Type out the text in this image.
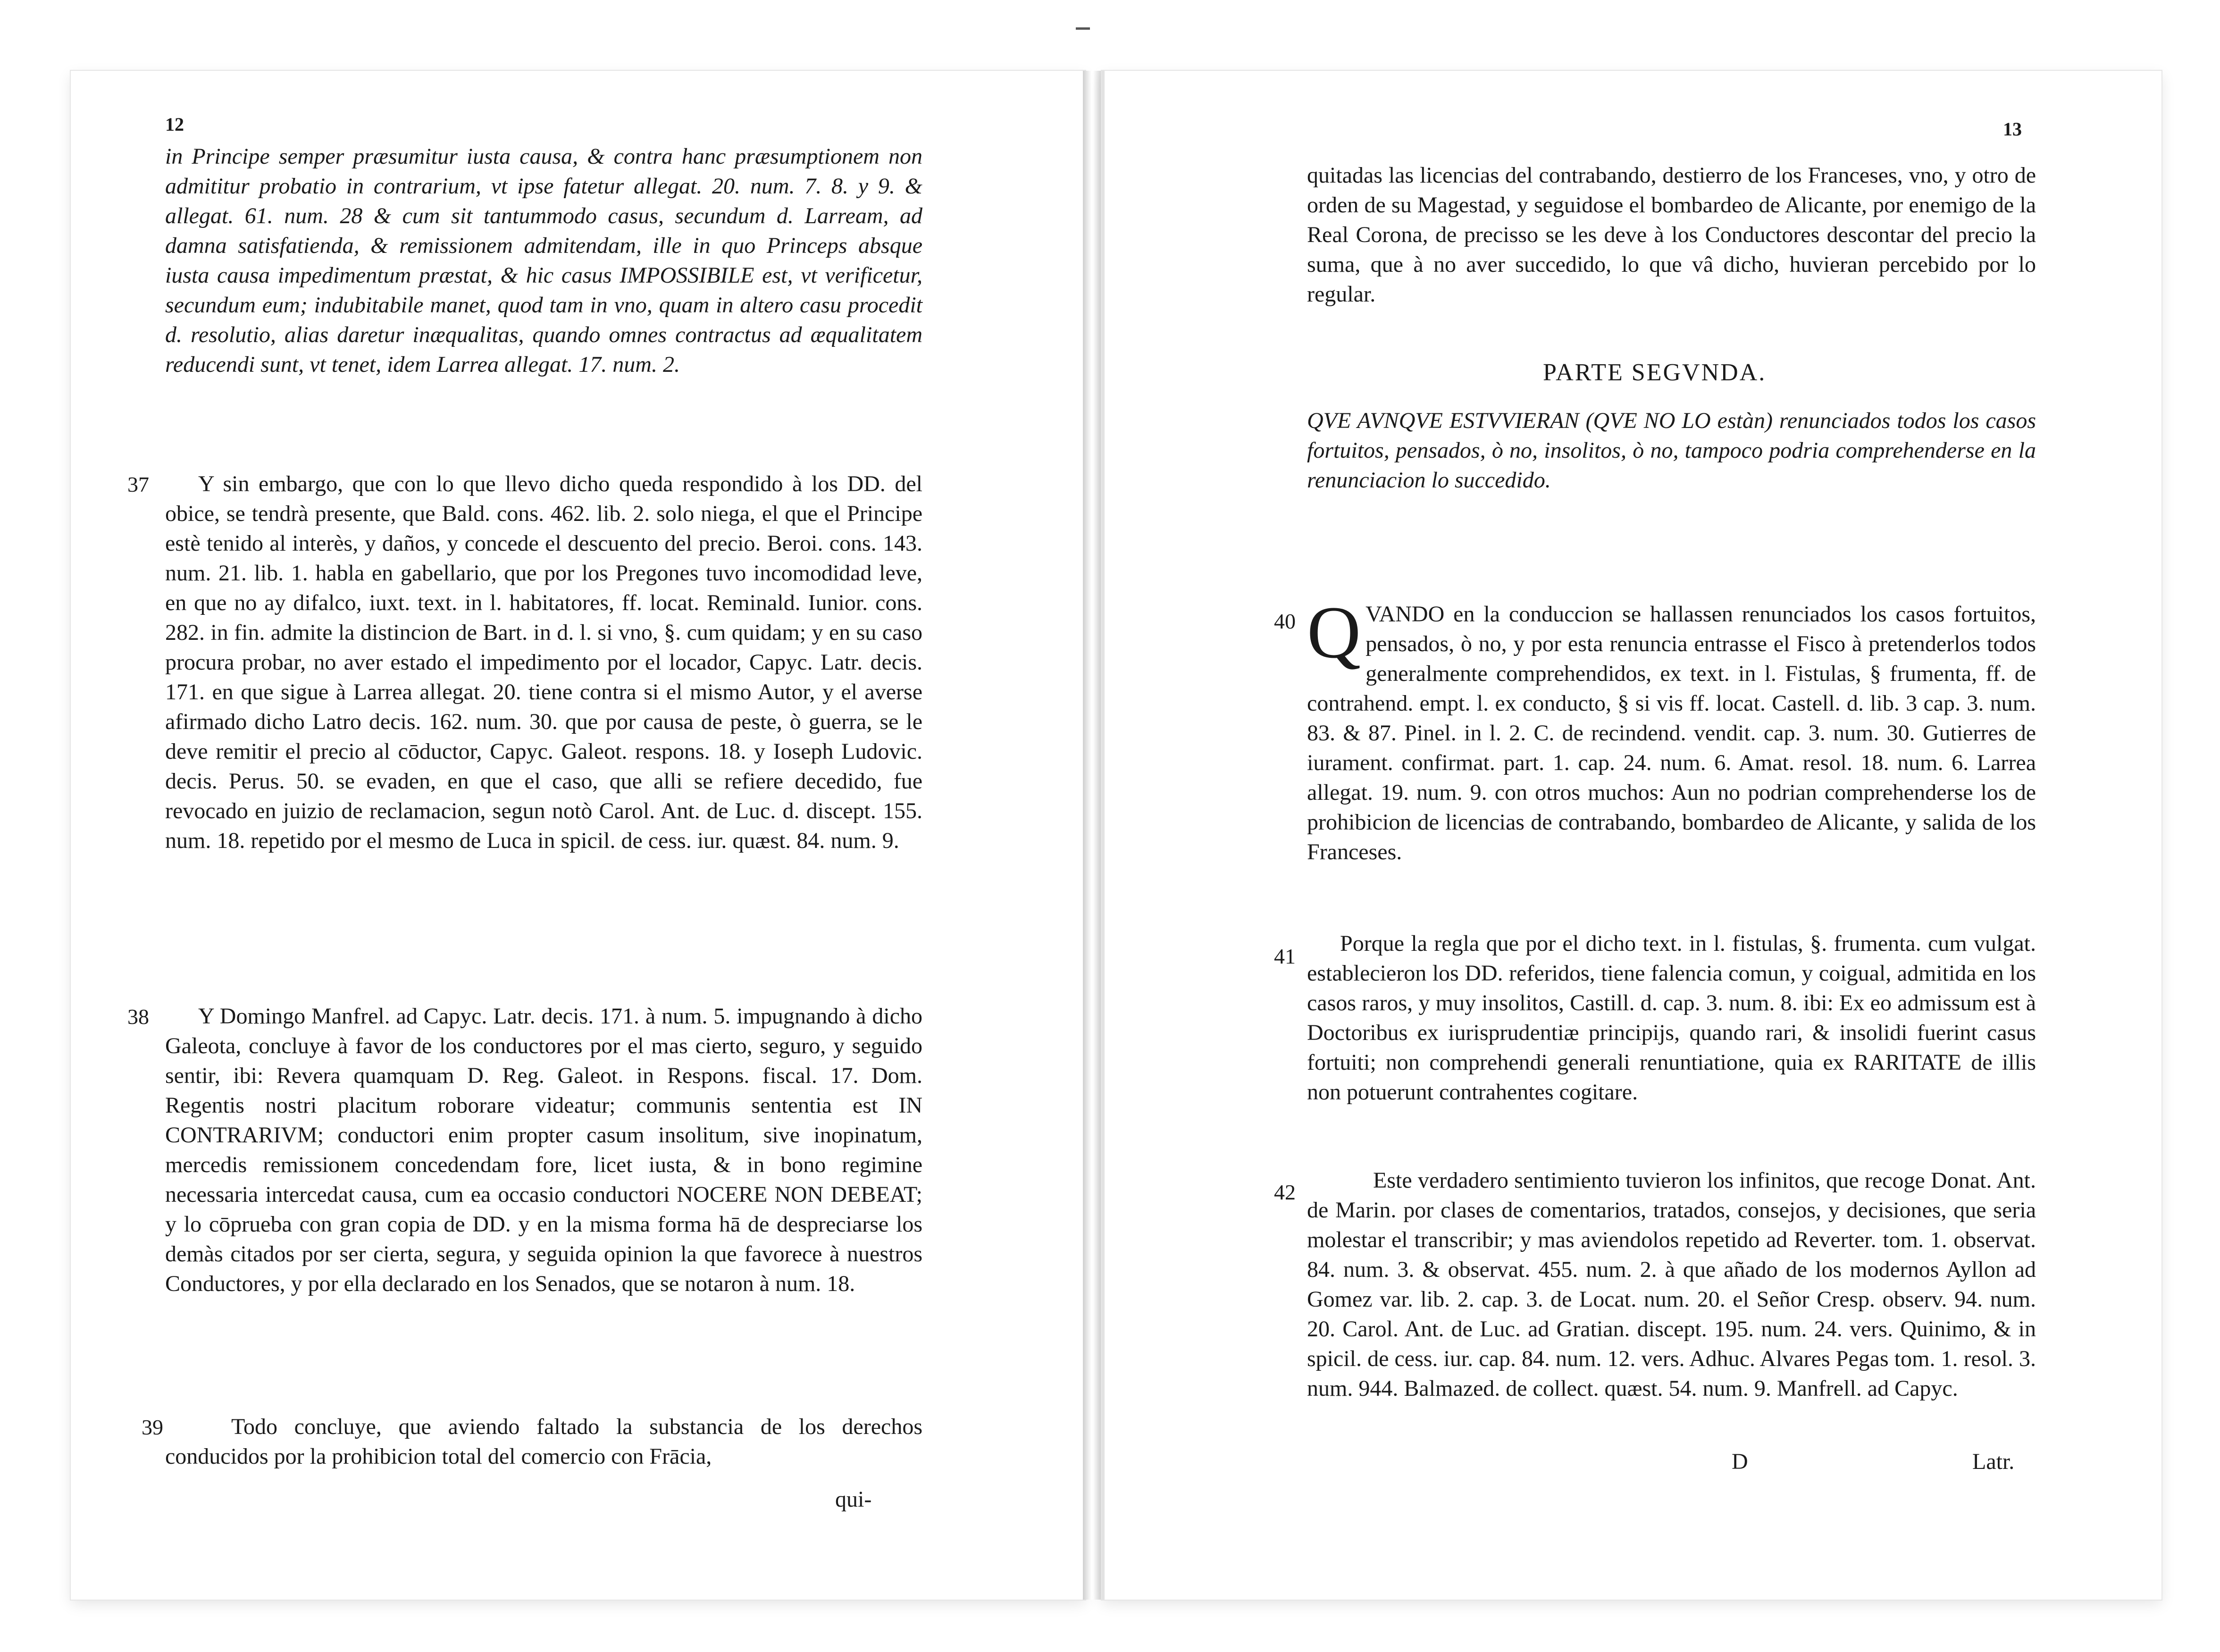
12

in Principe semper præsumitur iusta causa, & contra hanc præsumptionem non admititur probatio in contrarium, vt ipse fatetur allegat. 20. num. 7. 8. y 9. & allegat. 61. num. 28 & cum sit tantummodo casus, secundum d. Larream, ad damna satisfatienda, & remissionem admitendam, ille in quo Princeps absque iusta causa impedimentum præstat, & hic casus IMPOSSIBILE est, vt verificetur, secundum eum; indubitabile manet, quod tam in vno, quam in altero casu procedit d. resolutio, alias daretur inæqualitas, quando omnes contractus ad æqualitatem reducendi sunt, vt tenet, idem Larrea allegat. 17. num. 2.

37	Y sin embargo, que con lo que llevo dicho queda respondido à los DD. del obice, se tendrà presente, que Bald. cons. 462. lib. 2. solo niega, el que el Principe estè tenido al interès, y daños, y concede el descuento del precio. Beroi. cons. 143. num. 21. lib. 1. habla en gabellario, que por los Pregones tuvo incomodidad leve, en que no ay difalco, iuxt. text. in l. habitatores, ff. locat. Reminald. Iunior. cons. 282. in fin. admite la distincion de Bart. in d. l. si vno, §. cum quidam; y en su caso procura probar, no aver estado el impedimento por el locador, Capyc. Latr. decis. 171. en que sigue à Larrea allegat. 20. tiene contra si el mismo Autor, y el averse afirmado dicho Latro decis. 162. num. 30. que por causa de peste, ò guerra, se le deve remitir el precio al cōductor, Capyc. Galeot. respons. 18. y Ioseph Ludovic. decis. Perus. 50. se evaden, en que el caso, que alli se refiere decedido, fue revocado en juizio de reclamacion, segun notò Carol. Ant. de Luc. d. discept. 155. num. 18. repetido por el mesmo de Luca in spicil. de cess. iur. quæst. 84. num. 9.

38	Y Domingo Manfrel. ad Capyc. Latr. decis. 171. à num. 5. impugnando à dicho Galeota, concluye à favor de los conductores por el mas cierto, seguro, y seguido sentir, ibi: Revera quamquam D. Reg. Galeot. in Respons. fiscal. 17. Dom. Regentis nostri placitum roborare videatur; communis sententia est IN CONTRARIVM; conductori enim propter casum insolitum, sive inopinatum, mercedis remissionem concedendam fore, licet iusta, & in bono regimine necessaria intercedat causa, cum ea occasio conductori NOCERE NON DEBEAT; y lo cōprueba con gran copia de DD. y en la misma forma hā de despreciarse los demàs citados por ser cierta, segura, y seguida opinion la que favorece à nuestros Conductores, y por ella declarado en los Senados, que se notaron à num. 18.

39	Todo concluye, que aviendo faltado la substancia de los derechos conducidos por la prohibicion total del comercio con Frācia,

qui-
13

quitadas las licencias del contrabando, destierro de los Franceses, vno, y otro de orden de su Magestad, y seguidose el bombardeo de Alicante, por enemigo de la Real Corona, de precisso se les deve à los Conductores descontar del precio la suma, que à no aver succedido, lo que vâ dicho, huvieran percebido por lo regular.

PARTE SEGVNDA.

QVE AVNQVE ESTVVIERAN (QVE NO LO estàn) renunciados todos los casos fortuitos, pensados, ò no, insolitos, ò no, tampoco podria comprehenderse en la renunciacion lo succedido.

40 Q VANDO en la conduccion se hallassen renunciados los casos fortuitos, pensados, ò no, y por esta renuncia entrasse el Fisco à pretenderlos todos generalmente comprehendidos, ex text. in l. Fistulas, § frumenta, ff. de contrahend. empt. l. ex conducto, § si vis ff. locat. Castell. d. lib. 3 cap. 3. num. 83. & 87. Pinel. in l. 2. C. de recindend. vendit. cap. 3. num. 30. Gutierres de iurament. confirmat. part. 1. cap. 24. num. 6. Amat. resol. 18. num. 6. Larrea allegat. 19. num. 9. con otros muchos: Aun no podrian comprehenderse los de prohibicion de licencias de contrabando, bombardeo de Alicante, y salida de los Franceses.

41

Porque la regla que por el dicho text. in l. fistulas, §. frumenta. cum vulgat. establecieron los DD. referidos, tiene falencia comun, y coigual, admitida en los casos raros, y muy insolitos, Castill. d. cap. 3. num. 8. ibi: Ex eo admissum est à Doctoribus ex iurisprudentiæ principijs, quando rari, & insolidi fuerint casus fortuiti; non comprehendi generali renuntiatione, quia ex RARITATE de illis non potuerunt contrahentes cogitare.

42	Este verdadero sentimiento tuvieron los infinitos, que recoge Donat. Ant. de Marin. por clases de comentarios, tratados, consejos, y decisiones, que seria molestar el transcribir; y mas aviendolos repetido ad Reverter. tom. 1. observat. 84. num. 3. & observat. 455. num. 2. à que añado de los modernos Ayllon ad Gomez var. lib. 2. cap. 3. de Locat. num. 20. el Señor Cresp. observ. 94. num. 20. Carol. Ant. de Luc. ad Gratian. discept. 195. num. 24. vers. Quinimo, & in spicil. de cess. iur. cap. 84. num. 12. vers. Adhuc. Alvares Pegas tom. 1. resol. 3. num. 944. Balmazed. de collect. quæst. 54. num. 9. Manfrell. ad Capyc.

D	Latr.
